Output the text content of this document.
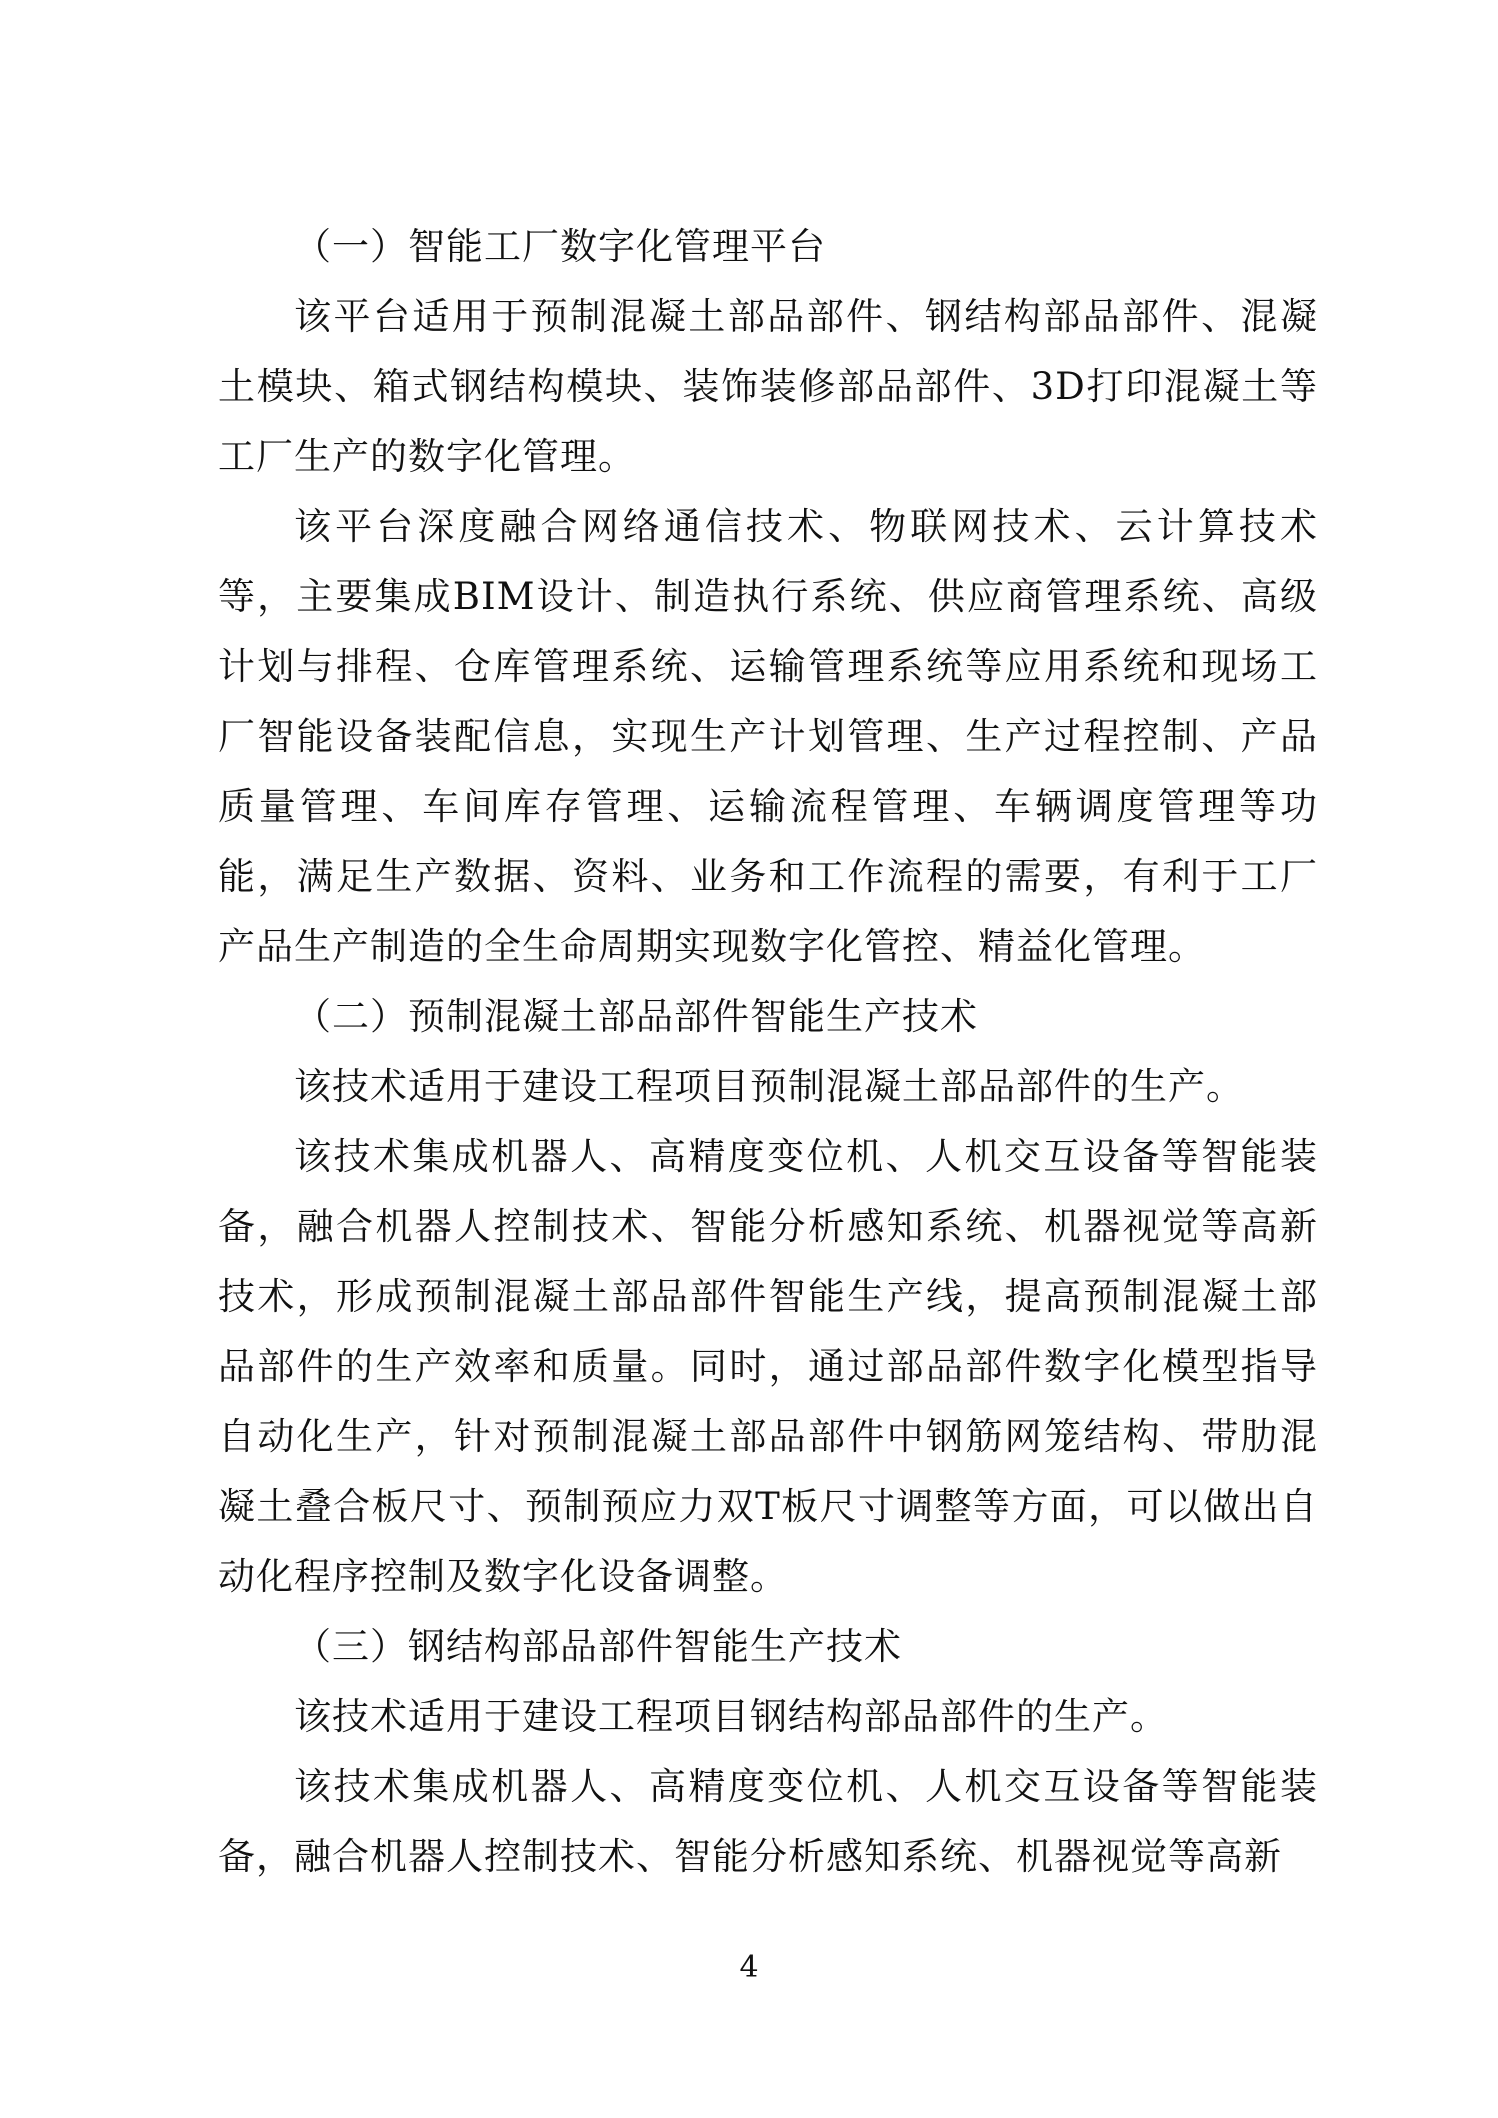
（一）智能工厂数字化管理平台

该平台适用于预制混凝土部品部件、钢结构部品部件、混凝土模块、箱式钢结构模块、装饰装修部品部件、3D打印混凝土等工厂生产的数字化管理。

该平台深度融合网络通信技术、物联网技术、云计算技术等，主要集成BIM设计、制造执行系统、供应商管理系统、高级计划与排程、仓库管理系统、运输管理系统等应用系统和现场工厂智能设备装配信息，实现生产计划管理、生产过程控制、产品质量管理、车间库存管理、运输流程管理、车辆调度管理等功能，满足生产数据、资料、业务和工作流程的需要，有利于工厂产品生产制造的全生命周期实现数字化管控、精益化管理。

（二）预制混凝土部品部件智能生产技术

该技术适用于建设工程项目预制混凝土部品部件的生产。

该技术集成机器人、高精度变位机、人机交互设备等智能装备，融合机器人控制技术、智能分析感知系统、机器视觉等高新技术，形成预制混凝土部品部件智能生产线，提高预制混凝土部品部件的生产效率和质量。同时，通过部品部件数字化模型指导自动化生产，针对预制混凝土部品部件中钢筋网笼结构、带肋混凝土叠合板尺寸、预制预应力双T板尺寸调整等方面，可以做出自动化程序控制及数字化设备调整。

（三）钢结构部品部件智能生产技术

该技术适用于建设工程项目钢结构部品部件的生产。

该技术集成机器人、高精度变位机、人机交互设备等智能装备，融合机器人控制技术、智能分析感知系统、机器视觉等高新

4
